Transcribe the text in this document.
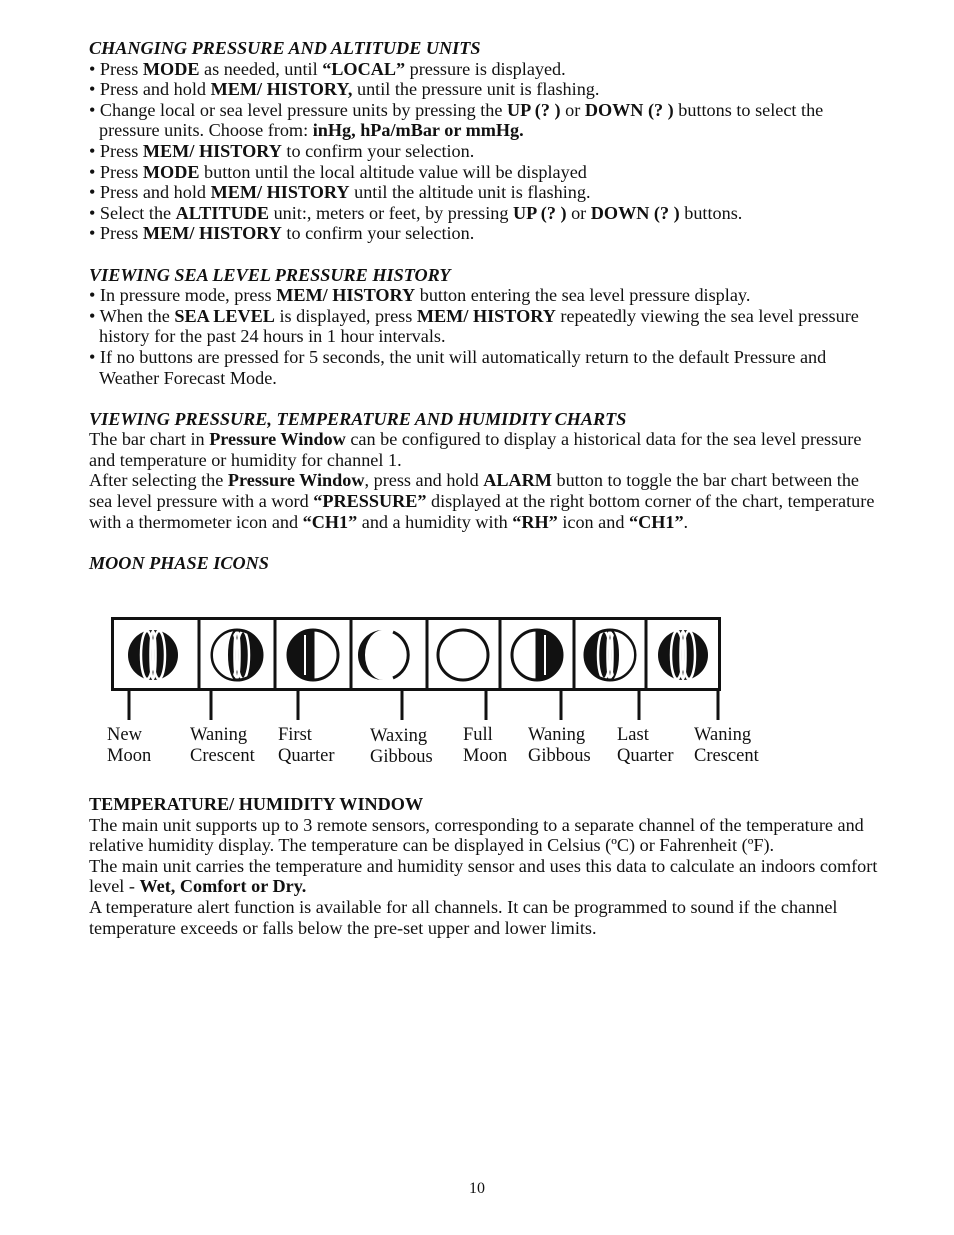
CHANGING PRESSURE AND ALTITUDE UNITS
• Press MODE as needed, until “LOCAL” pressure is displayed.
• Press and hold MEM/ HISTORY, until the pressure unit is flashing.
• Change local or sea level pressure units by pressing the UP (? ) or DOWN (? ) buttons to select the pressure units. Choose from: inHg, hPa/mBar or mmHg.
• Press MEM/ HISTORY to confirm your selection.
• Press MODE button until the local altitude value will be displayed
• Press and hold MEM/ HISTORY until the altitude unit is flashing.
• Select the ALTITUDE unit:, meters or feet, by pressing UP (? ) or DOWN (? ) buttons.
• Press MEM/ HISTORY to confirm your selection.
VIEWING SEA LEVEL PRESSURE HISTORY
• In pressure mode, press MEM/ HISTORY button entering the sea level pressure display.
• When the SEA LEVEL is displayed, press MEM/ HISTORY repeatedly viewing the sea level pressure history for the past 24 hours in 1 hour intervals.
• If no buttons are pressed for 5 seconds, the unit will automatically return to the default Pressure and Weather Forecast Mode.
VIEWING PRESSURE, TEMPERATURE AND HUMIDITY CHARTS
The bar chart in Pressure Window can be configured to display a historical data for the sea level pressure and temperature or humidity for channel 1.
After selecting the Pressure Window, press and hold ALARM button to toggle the bar chart between the sea level pressure with a word “PRESSURE” displayed at the right bottom corner of the chart, temperature with a thermometer icon and “CH1” and a humidity with “RH” icon and “CH1”.
MOON PHASE ICONS
New
Moon
Waning
Crescent
First
Quarter
Waxing
Gibbous
Full
Moon
Waning
Gibbous
Last
Quarter
Waning
Crescent
TEMPERATURE/ HUMIDITY WINDOW
The main unit supports up to 3 remote sensors, corresponding to a separate channel of the temperature and relative humidity display. The temperature can be displayed in Celsius (ºC) or Fahrenheit (ºF).
The main unit carries the temperature and humidity sensor and uses this data to calculate an indoors comfort level - Wet, Comfort or Dry.
A temperature alert function is available for all channels. It can be programmed to sound if the channel temperature exceeds or falls below the pre-set upper and lower limits.
10
